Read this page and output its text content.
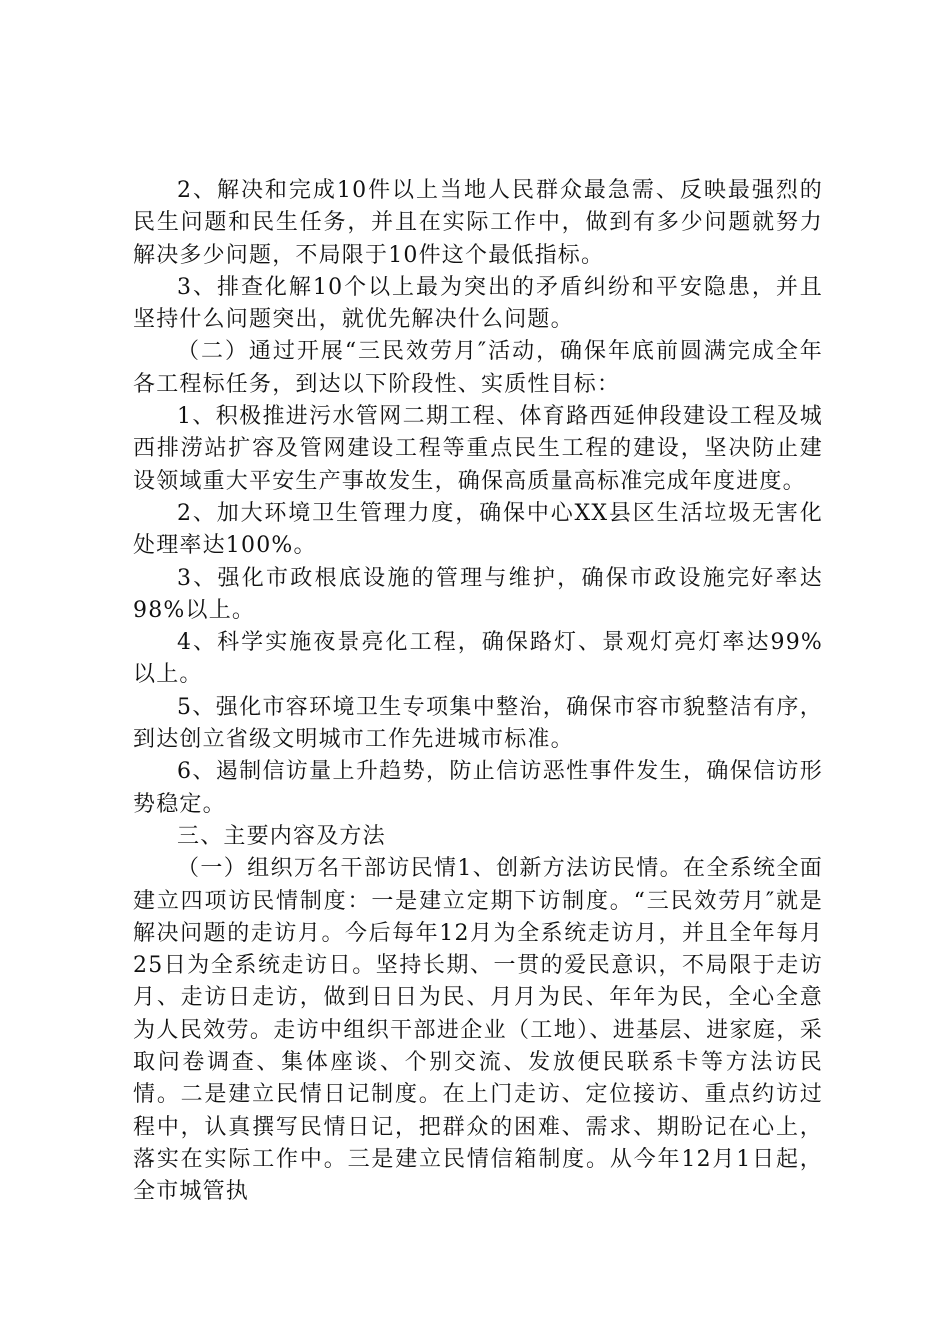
2、解决和完成10件以上当地人民群众最急需、反映最强烈的民生问题和民生任务，并且在实际工作中，做到有多少问题就努力解决多少问题，不局限于10件这个最低指标。

3、排查化解10个以上最为突出的矛盾纠纷和平安隐患，并且坚持什么问题突出，就优先解决什么问题。

（二）通过开展“三民效劳月″活动，确保年底前圆满完成全年各工程标任务，到达以下阶段性、实质性目标：

1、积极推进污水管网二期工程、体育路西延伸段建设工程及城西排涝站扩容及管网建设工程等重点民生工程的建设，坚决防止建设领域重大平安生产事故发生，确保高质量高标准完成年度进度。

2、加大环境卫生管理力度，确保中心XX县区生活垃圾无害化处理率达100%。

3、强化市政根底设施的管理与维护，确保市政设施完好率达98%以上。

4、科学实施夜景亮化工程，确保路灯、景观灯亮灯率达99%以上。

5、强化市容环境卫生专项集中整治，确保市容市貌整洁有序，到达创立省级文明城市工作先进城市标准。

6、遏制信访量上升趋势，防止信访恶性事件发生，确保信访形势稳定。

三、主要内容及方法

（一）组织万名干部访民情1、创新方法访民情。在全系统全面建立四项访民情制度：一是建立定期下访制度。“三民效劳月″就是解决问题的走访月。今后每年12月为全系统走访月，并且全年每月25日为全系统走访日。坚持长期、一贯的爱民意识，不局限于走访月、走访日走访，做到日日为民、月月为民、年年为民，全心全意为人民效劳。走访中组织干部进企业（工地）、进基层、进家庭，采取问卷调查、集体座谈、个别交流、发放便民联系卡等方法访民情。二是建立民情日记制度。在上门走访、定位接访、重点约访过程中，认真撰写民情日记，把群众的困难、需求、期盼记在心上，落实在实际工作中。三是建立民情信箱制度。从今年12月1日起，全市城管执
